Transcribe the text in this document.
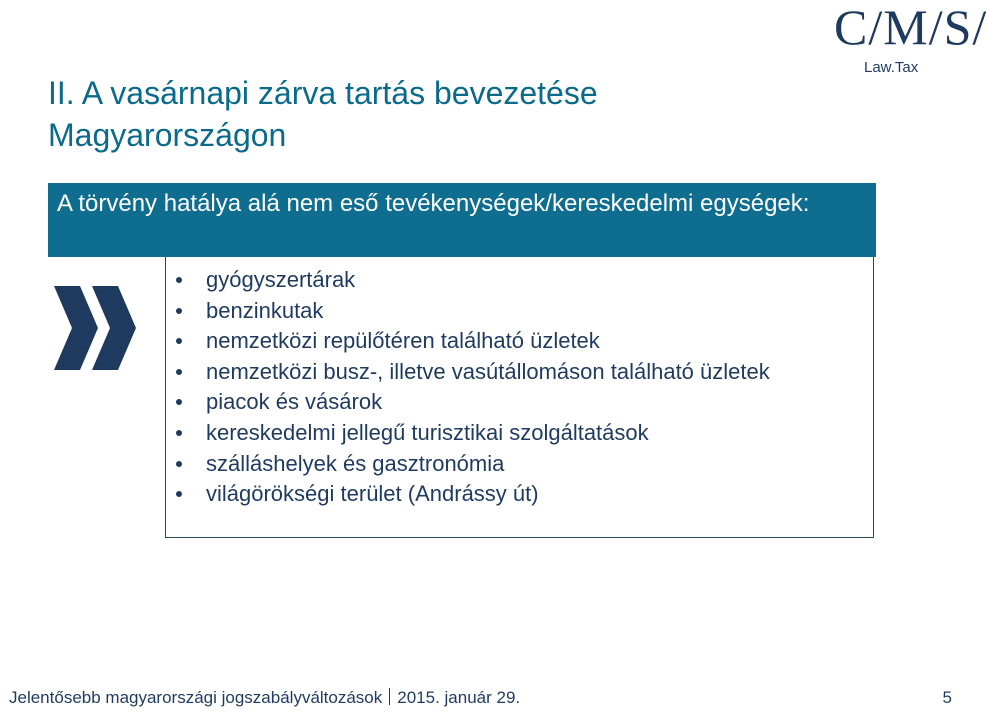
II. A vasárnapi zárva tartás bevezetése Magyarországon
C/M/S/
Law.Tax
A törvény hatálya alá nem eső tevékenységek/kereskedelmi egységek:
gyógyszertárak
benzinkutak
nemzetközi repülőtéren található üzletek
nemzetközi busz-, illetve vasútállomáson található üzletek
piacok és vásárok
kereskedelmi jellegű turisztikai szolgáltatások
szálláshelyek és gasztronómia
világörökségi terület (Andrássy út)
Jelentősebb magyarországi jogszabályváltozások 2015. január 29.	5
